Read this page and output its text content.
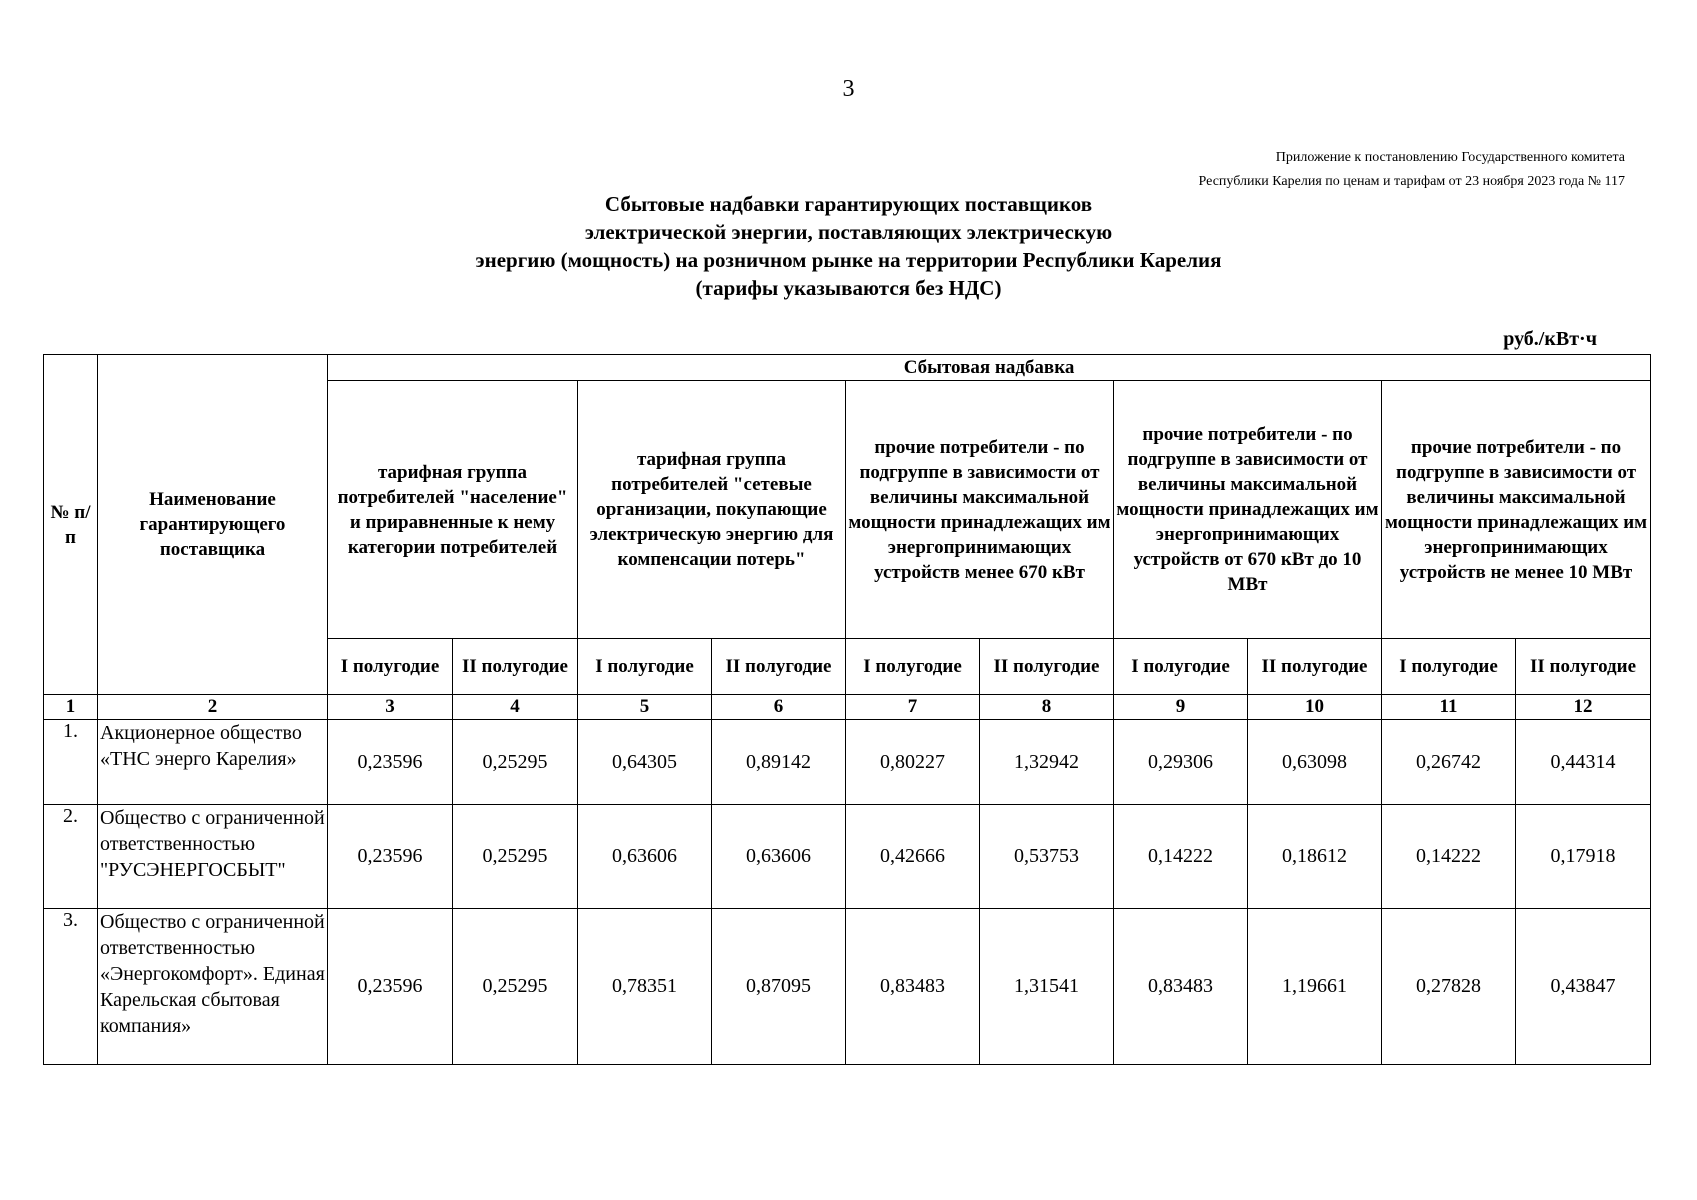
3
Приложение к постановлению Государственного комитета
Республики Карелия по ценам и тарифам от 23 ноября 2023 года № 117
Сбытовые надбавки гарантирующих поставщиков
электрической энергии, поставляющих электрическую
энергию (мощность) на розничном рынке на территории Республики Карелия
(тарифы указываются без НДС)
руб./кВт·ч
№ п/п	Наименование гарантирующего поставщика	Сбытовая надбавка									
		тарифная группа потребителей "население" и приравненные к нему категории потребителей		тарифная группа потребителей "сетевые организации, покупающие электрическую энергию для компенсации потерь"		прочие потребители - по подгруппе в зависимости от величины максимальной мощности принадлежащих им энергопринимающих устройств менее 670 кВт		прочие потребители - по подгруппе в зависимости от величины максимальной мощности принадлежащих им энергопринимающих устройств от 670 кВт до 10 МВт		прочие потребители - по подгруппе в зависимости от величины максимальной мощности принадлежащих им энергопринимающих устройств не менее 10 МВт	
		I полугодие	II полугодие	I полугодие	II полугодие	I полугодие	II полугодие	I полугодие	II полугодие	I полугодие	II полугодие
1	2	3	4	5	6	7	8	9	10	11	12
1.	Акционерное общество «ТНС энерго Карелия»	0,23596	0,25295	0,64305	0,89142	0,80227	1,32942	0,29306	0,63098	0,26742	0,44314
2.	Общество с ограниченной ответственностью "РУСЭНЕРГОСБЫТ"	0,23596	0,25295	0,63606	0,63606	0,42666	0,53753	0,14222	0,18612	0,14222	0,17918
3.	Общество с ограниченной ответственностью «Энергокомфорт». Единая Карельская сбытовая компания»	0,23596	0,25295	0,78351	0,87095	0,83483	1,31541	0,83483	1,19661	0,27828	0,43847
